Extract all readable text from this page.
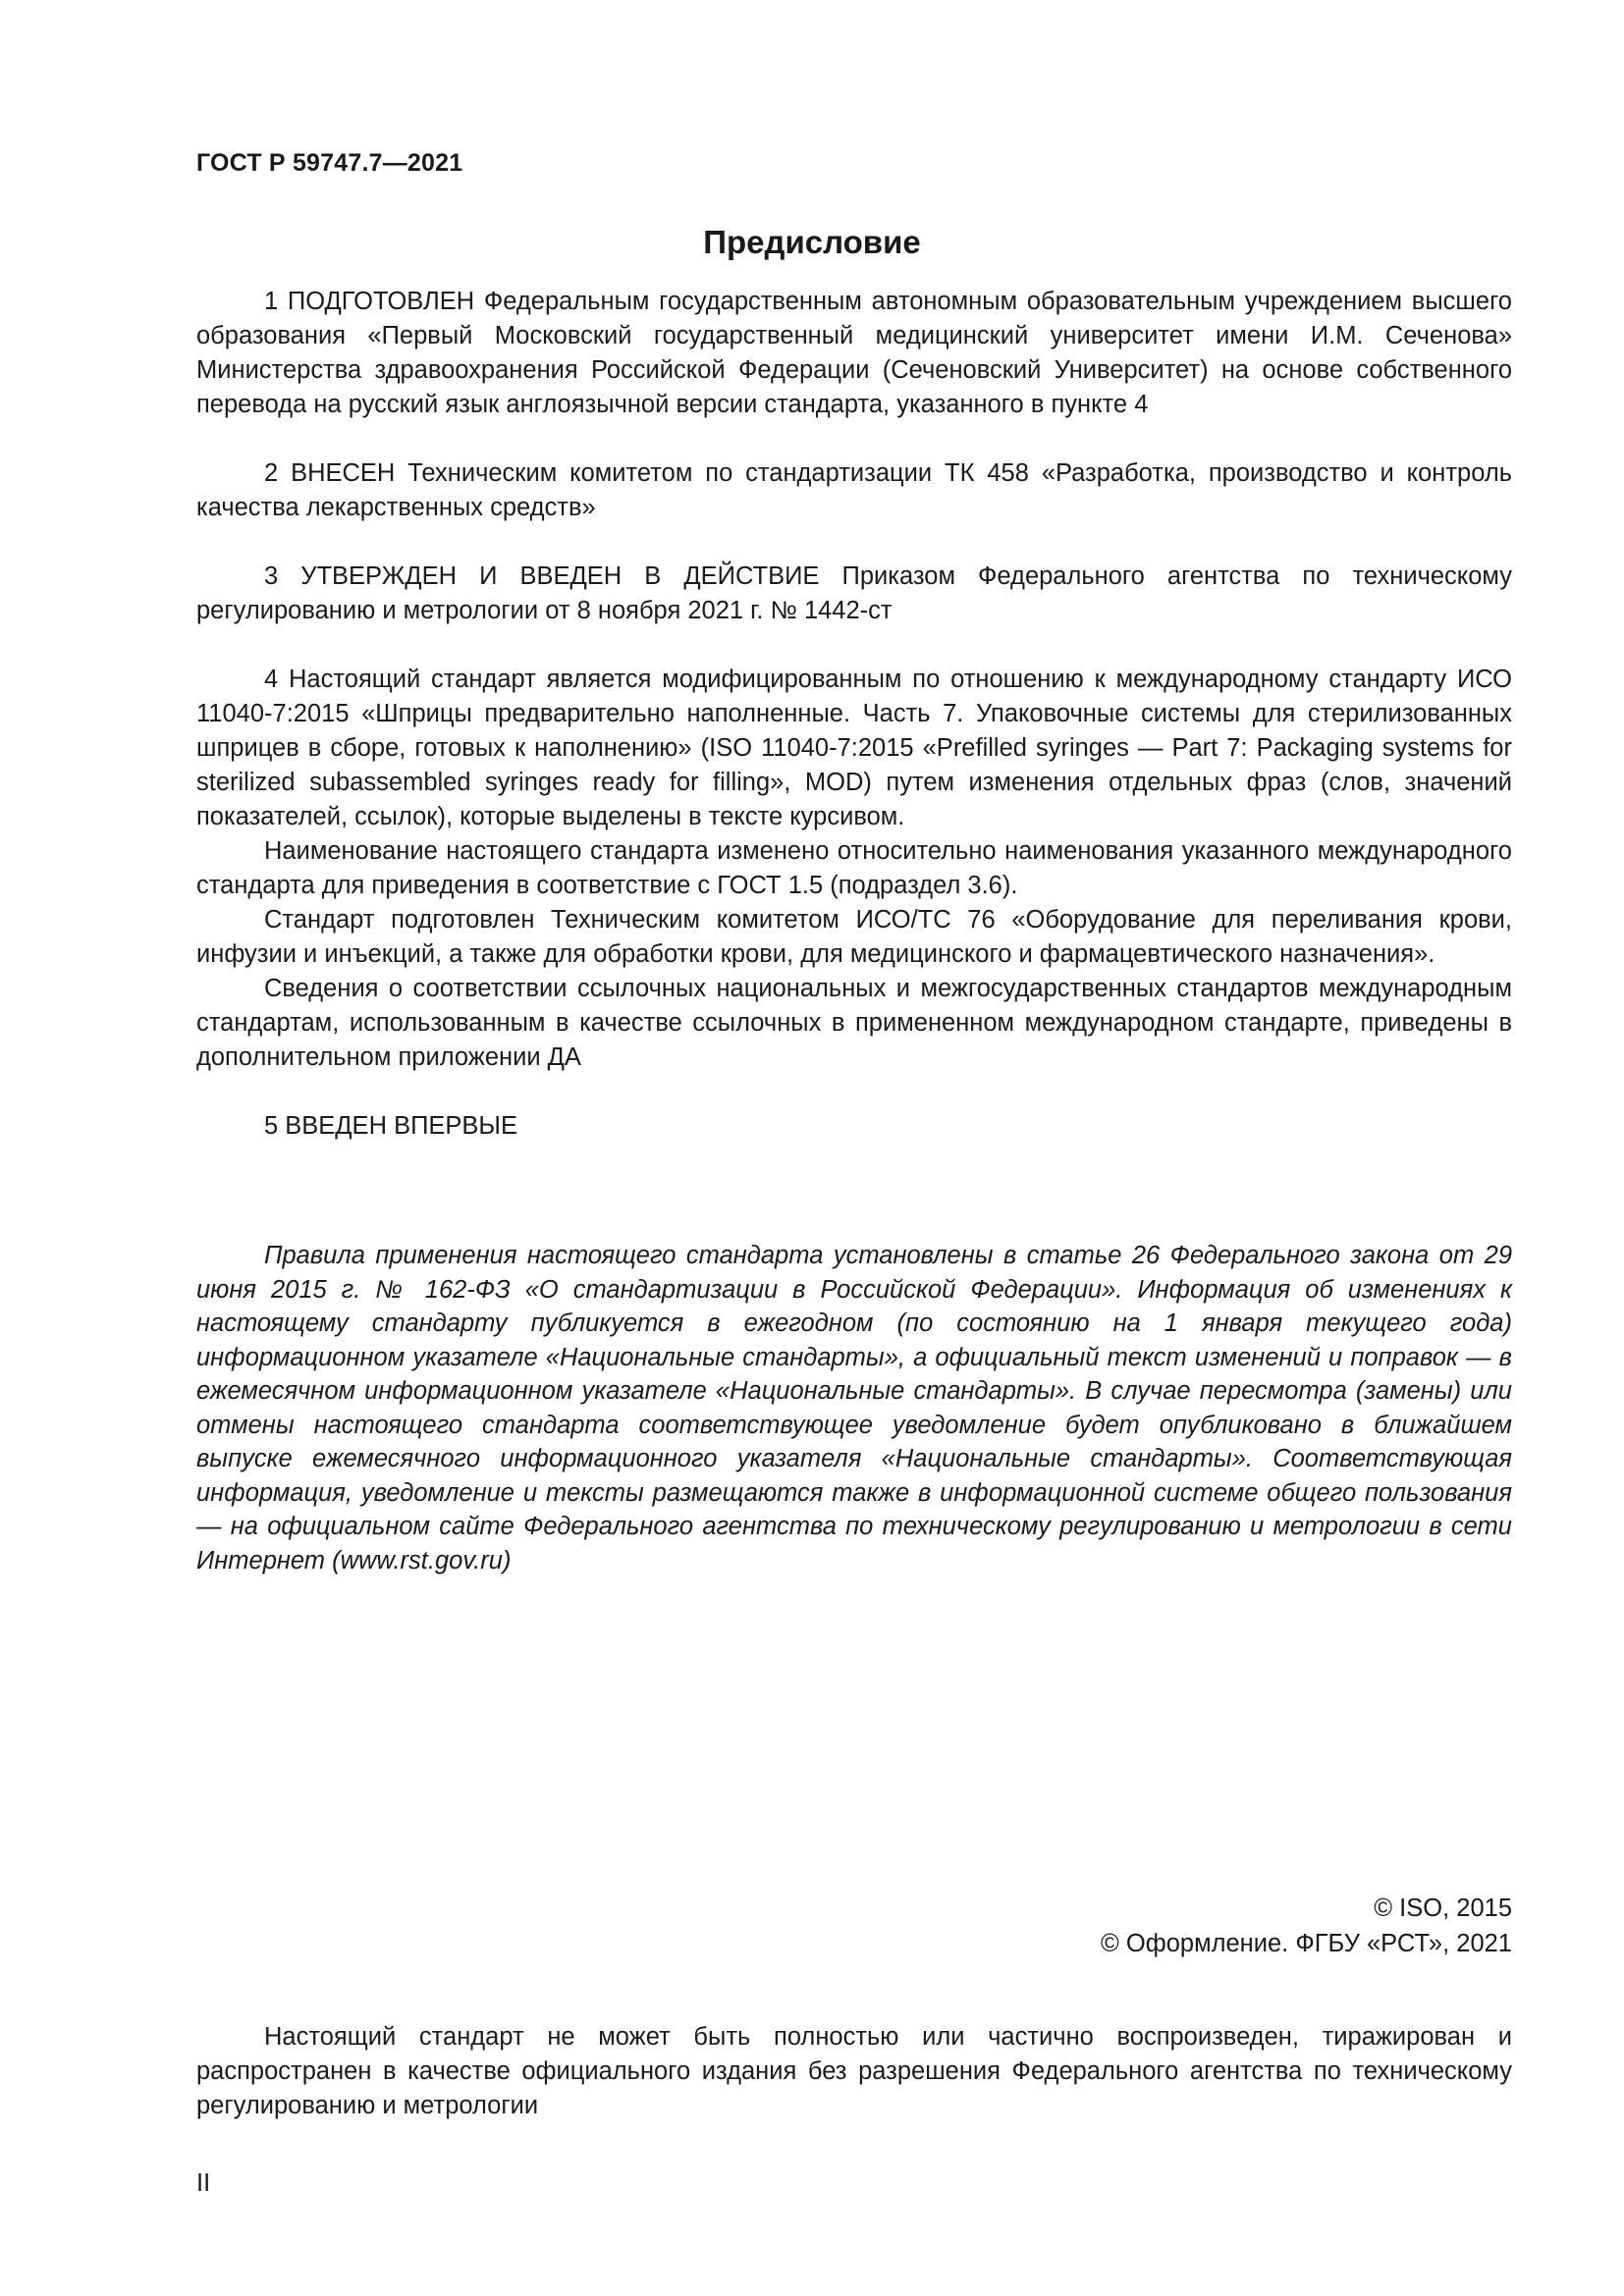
ГОСТ Р 59747.7—2021
Предисловие

1 ПОДГОТОВЛЕН Федеральным государственным автономным образовательным учреждением высшего образования «Первый Московский государственный медицинский университет имени И.М. Сеченова» Министерства здравоохранения Российской Федерации (Сеченовский Университет) на основе собственного перевода на русский язык англоязычной версии стандарта, указанного в пункте 4

2 ВНЕСЕН Техническим комитетом по стандартизации ТК 458 «Разработка, производство и контроль качества лекарственных средств»

3 УТВЕРЖДЕН И ВВЕДЕН В ДЕЙСТВИЕ Приказом Федерального агентства по техническому регулированию и метрологии от 8 ноября 2021 г. № 1442-ст

4 Настоящий стандарт является модифицированным по отношению к международному стандарту ИСО 11040-7:2015 «Шприцы предварительно наполненные. Часть 7. Упаковочные системы для стерилизованных шприцев в сборе, готовых к наполнению» (ISO 11040-7:2015 «Prefilled syringes — Part 7: Packaging systems for sterilized subassembled syringes ready for filling», MOD) путем изменения отдельных фраз (слов, значений показателей, ссылок), которые выделены в тексте курсивом.

Наименование настоящего стандарта изменено относительно наименования указанного международного стандарта для приведения в соответствие с ГОСТ 1.5 (подраздел 3.6).

Стандарт подготовлен Техническим комитетом ИСО/ТС 76 «Оборудование для переливания крови, инфузии и инъекций, а также для обработки крови, для медицинского и фармацевтического назначения».

Сведения о соответствии ссылочных национальных и межгосударственных стандартов международным стандартам, использованным в качестве ссылочных в примененном международном стандарте, приведены в дополнительном приложении ДА

5 ВВЕДЕН ВПЕРВЫЕ

Правила применения настоящего стандарта установлены в статье 26 Федерального закона от 29 июня 2015 г. № 162-ФЗ «О стандартизации в Российской Федерации». Информация об изменениях к настоящему стандарту публикуется в ежегодном (по состоянию на 1 января текущего года) информационном указателе «Национальные стандарты», а официальный текст изменений и поправок — в ежемесячном информационном указателе «Национальные стандарты». В случае пересмотра (замены) или отмены настоящего стандарта соответствующее уведомление будет опубликовано в ближайшем выпуске ежемесячного информационного указателя «Национальные стандарты». Соответствующая информация, уведомление и тексты размещаются также в информационной системе общего пользования — на официальном сайте Федерального агентства по техническому регулированию и метрологии в сети Интернет (www.rst.gov.ru)

© ISO, 2015
© Оформление. ФГБУ «РСТ», 2021

Настоящий стандарт не может быть полностью или частично воспроизведен, тиражирован и распространен в качестве официального издания без разрешения Федерального агентства по техническому регулированию и метрологии

II
